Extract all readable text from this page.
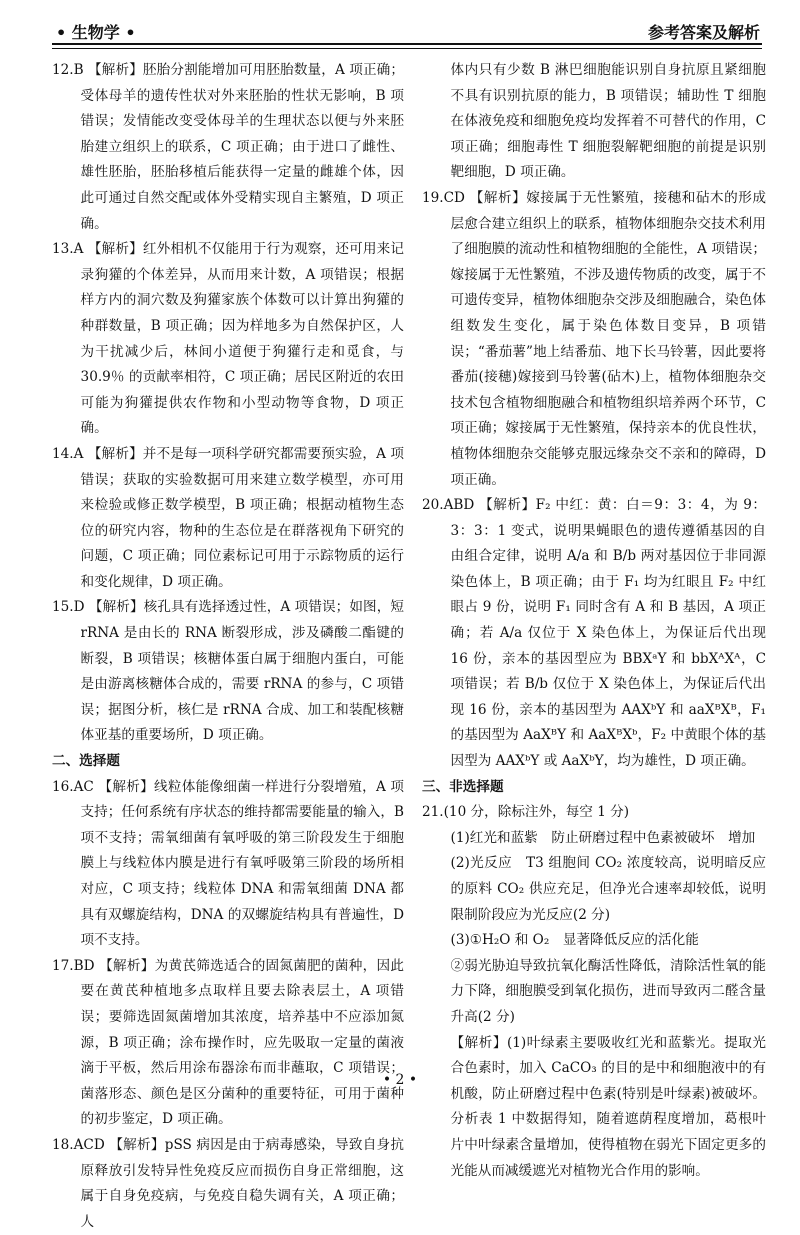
• 生物学 •	参考答案及解析

12.B 【解析】胚胎分割能增加可用胚胎数量，A 项正确；受体母羊的遗传性状对外来胚胎的性状无影响，B 项错误；发情能改变受体母羊的生理状态以便与外来胚胎建立组织上的联系，C 项正确；由于进口了雌性、雄性胚胎，胚胎移植后能获得一定量的雌雄个体，因此可通过自然交配或体外受精实现自主繁殖，D 项正确。

13.A 【解析】红外相机不仅能用于行为观察，还可用来记录狗獾的个体差异，从而用来计数，A 项错误；根据样方内的洞穴数及狗獾家族个体数可以计算出狗獾的种群数量，B 项正确；因为样地多为自然保护区，人为干扰减少后，林间小道便于狗獾行走和觅食，与 30.9％ 的贡献率相符，C 项正确；居民区附近的农田可能为狗獾提供农作物和小型动物等食物，D 项正确。

14.A 【解析】并不是每一项科学研究都需要预实验，A 项错误；获取的实验数据可用来建立数学模型，亦可用来检验或修正数学模型，B 项正确；根据动植物生态位的研究内容，物种的生态位是在群落视角下研究的问题，C 项正确；同位素标记可用于示踪物质的运行和变化规律，D 项正确。

15.D 【解析】核孔具有选择透过性，A 项错误；如图，短 rRNA 是由长的 RNA 断裂形成，涉及磷酸二酯键的断裂，B 项错误；核糖体蛋白属于细胞内蛋白，可能是由游离核糖体合成的，需要 rRNA 的参与，C 项错误；据图分析，核仁是 rRNA 合成、加工和装配核糖体亚基的重要场所，D 项正确。

二、选择题

16.AC 【解析】线粒体能像细菌一样进行分裂增殖，A 项支持；任何系统有序状态的维持都需要能量的输入，B 项不支持；需氧细菌有氧呼吸的第三阶段发生于细胞膜上与线粒体内膜是进行有氧呼吸第三阶段的场所相对应，C 项支持；线粒体 DNA 和需氧细菌 DNA 都具有双螺旋结构，DNA 的双螺旋结构具有普遍性，D 项不支持。

17.BD 【解析】为黄芪筛选适合的固氮菌肥的菌种，因此要在黄芪种植地多点取样且要去除表层土，A 项错误；要筛选固氮菌增加其浓度，培养基中不应添加氮源，B 项正确；涂布操作时，应先吸取一定量的菌液滴于平板，然后用涂布器涂布而非蘸取，C 项错误；菌落形态、颜色是区分菌种的重要特征，可用于菌种的初步鉴定，D 项正确。

18.ACD 【解析】pSS 病因是由于病毒感染，导致自身抗原释放引发特异性免疫反应而损伤自身正常细胞，这属于自身免疫病，与免疫自稳失调有关，A 项正确；人

体内只有少数 B 淋巴细胞能识别自身抗原且紧细胞不具有识别抗原的能力，B 项错误；辅助性 T 细胞在体液免疫和细胞免疫均发挥着不可替代的作用，C 项正确；细胞毒性 T 细胞裂解靶细胞的前提是识别靶细胞，D 项正确。

19.CD 【解析】嫁接属于无性繁殖，接穗和砧木的形成层愈合建立组织上的联系，植物体细胞杂交技术利用了细胞膜的流动性和植物细胞的全能性，A 项错误；嫁接属于无性繁殖，不涉及遗传物质的改变，属于不可遗传变异，植物体细胞杂交涉及细胞融合，染色体组数发生变化，属于染色体数目变异，B 项错误；“番茄薯”地上结番茄、地下长马铃薯，因此要将番茄(接穗)嫁接到马铃薯(砧木)上，植物体细胞杂交技术包含植物细胞融合和植物组织培养两个环节，C 项正确；嫁接属于无性繁殖，保持亲本的优良性状，植物体细胞杂交能够克服远缘杂交不亲和的障碍，D 项正确。

20.ABD 【解析】F₂ 中红：黄：白＝9：3：4，为 9：3：3：1 变式，说明果蝇眼色的遗传遵循基因的自由组合定律，说明 A/a 和 B/b 两对基因位于非同源染色体上，B 项正确；由于 F₁ 均为红眼且 F₂ 中红眼占 9 份，说明 F₁ 同时含有 A 和 B 基因，A 项正确；若 A/a 仅位于 X 染色体上，为保证后代出现 16 份，亲本的基因型应为 BBXᵃY 和 bbXᴬXᴬ，C 项错误；若 B/b 仅位于 X 染色体上，为保证后代出现 16 份，亲本的基因型为 AAXᵇY 和 aaXᴮXᴮ，F₁ 的基因型为 AaXᴮY 和 AaXᴮXᵇ，F₂ 中黄眼个体的基因型为 AAXᵇY 或 AaXᵇY，均为雄性，D 项正确。

三、非选择题

21.(10 分，除标注外，每空 1 分)

(1)红光和蓝紫　防止研磨过程中色素被破坏　增加

(2)光反应　T3 组胞间 CO₂ 浓度较高，说明暗反应的原料 CO₂ 供应充足，但净光合速率却较低，说明限制阶段应为光反应(2 分)

(3)①H₂O 和 O₂　显著降低反应的活化能

②弱光胁迫导致抗氧化酶活性降低，清除活性氧的能力下降，细胞膜受到氧化损伤，进而导致丙二醛含量升高(2 分)

【解析】(1)叶绿素主要吸收红光和蓝紫光。提取光合色素时，加入 CaCO₃ 的目的是中和细胞液中的有机酸，防止研磨过程中色素(特别是叶绿素)被破坏。分析表 1 中数据得知，随着遮荫程度增加，葛根叶片中叶绿素含量增加，使得植物在弱光下固定更多的光能从而减缓遮光对植物光合作用的影响。

• 2 •
